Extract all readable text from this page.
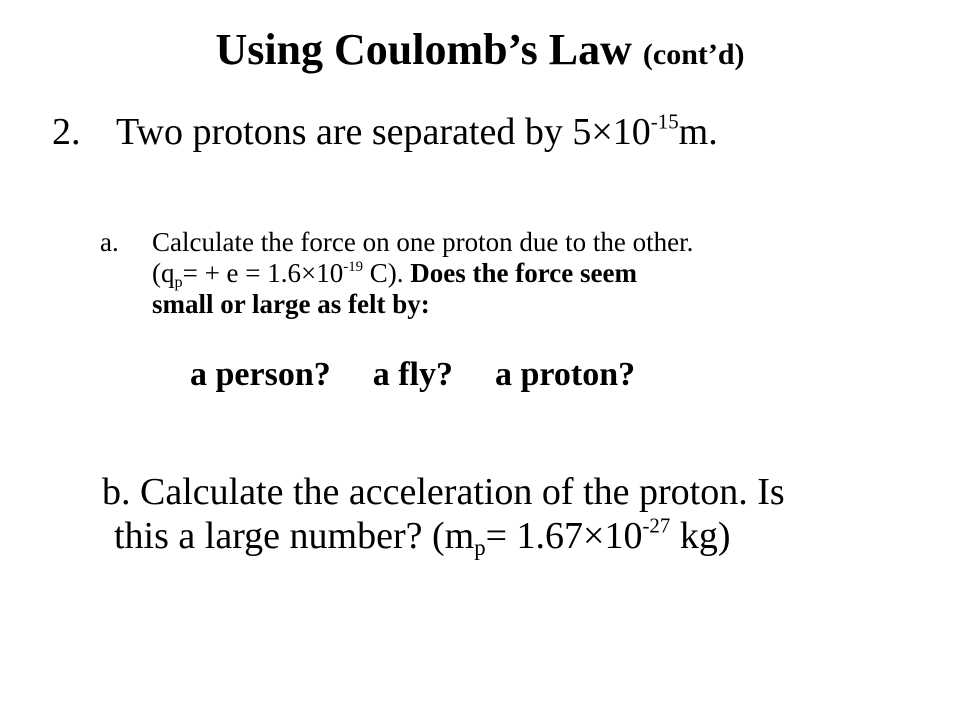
Using Coulomb’s Law (cont’d)
2. Two protons are separated by $5\times 10^{-15}m$.
a. Calculate the force on one proton due to the other.
($q_p= + e = 1.6\times 10^{-19}$ C). Does the force seem
small or large as felt by:
a person? a fly? a proton?
b. Calculate the acceleration of the proton. Is
this a large number? ($m_p= 1.67\times 10^{-27}$ kg)
